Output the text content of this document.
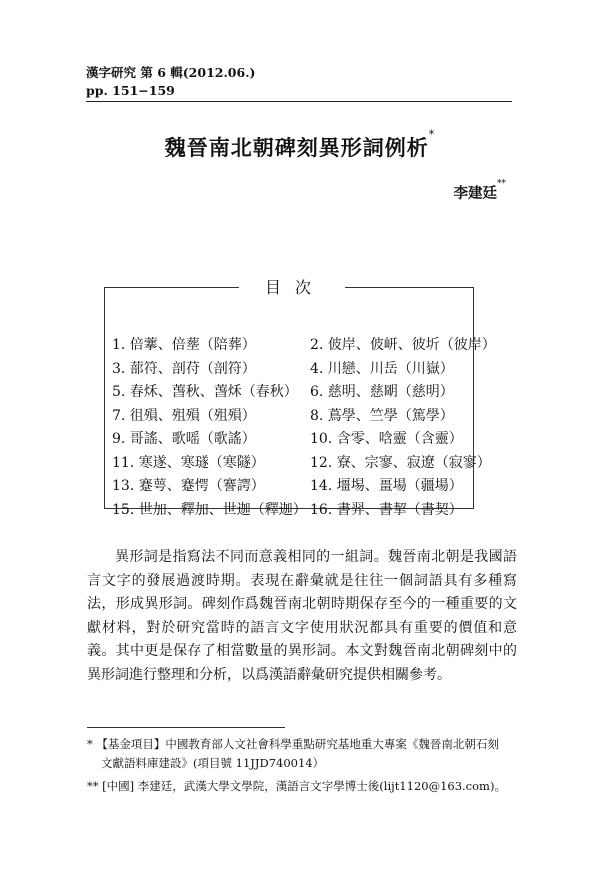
漢字研究 第 6 輯(2012.06.)
pp. 151−159
魏晉南北朝碑刻異形詞例析*
李建廷**
目次
1. 倍藆、倍塟（陪葬）	2. 佊岸、佊岍、彼圻（彼岸）
3. 蔀符、剖苻（剖符）	4. 川戀、川岳（川嶽）
5. 春秌、萅秋、萅秌（春秋） 6. 慈明、慈朙（慈明）
7. 徂殞、殂殞（殂殞）	8. 蔦學、竺學（篤學）
9. 哥謠、歌嗂（歌謠）	10. 含零、唅靈（含靈）
11. 寒遂、寒璲（寒隧）	12. 寮、宗寥、寂遼（寂寥）
13. 蹇萼、蹇愕（謇諤）	14. 壃埸、畺場（疆場）
15. 世加、釋加、世迦（釋迦） 16. 書羿、書挈（書契）

異形詞是指寫法不同而意義相同的一組詞。魏晉南北朝是我國語言文字的發展過渡時期。表現在辭彙就是往往一個詞語具有多種寫法，形成異形詞。碑刻作爲魏晉南北朝時期保存至今的一種重要的文獻材料，對於研究當時的語言文字使用狀況都具有重要的價值和意義。其中更是保存了相當數量的異形詞。本文對魏晉南北朝碑刻中的異形詞進行整理和分析，以爲漢語辭彙研究提供相關參考。

* 【基金項目】中國教育部人文社會科學重點研究基地重大專案《魏晉南北朝石刻
文獻語料庫建設》(項目號 11JJD740014）
** [中國] 李建廷，武漢大學文學院，漢語言文字學博士後(lijt1120@163.com)。
